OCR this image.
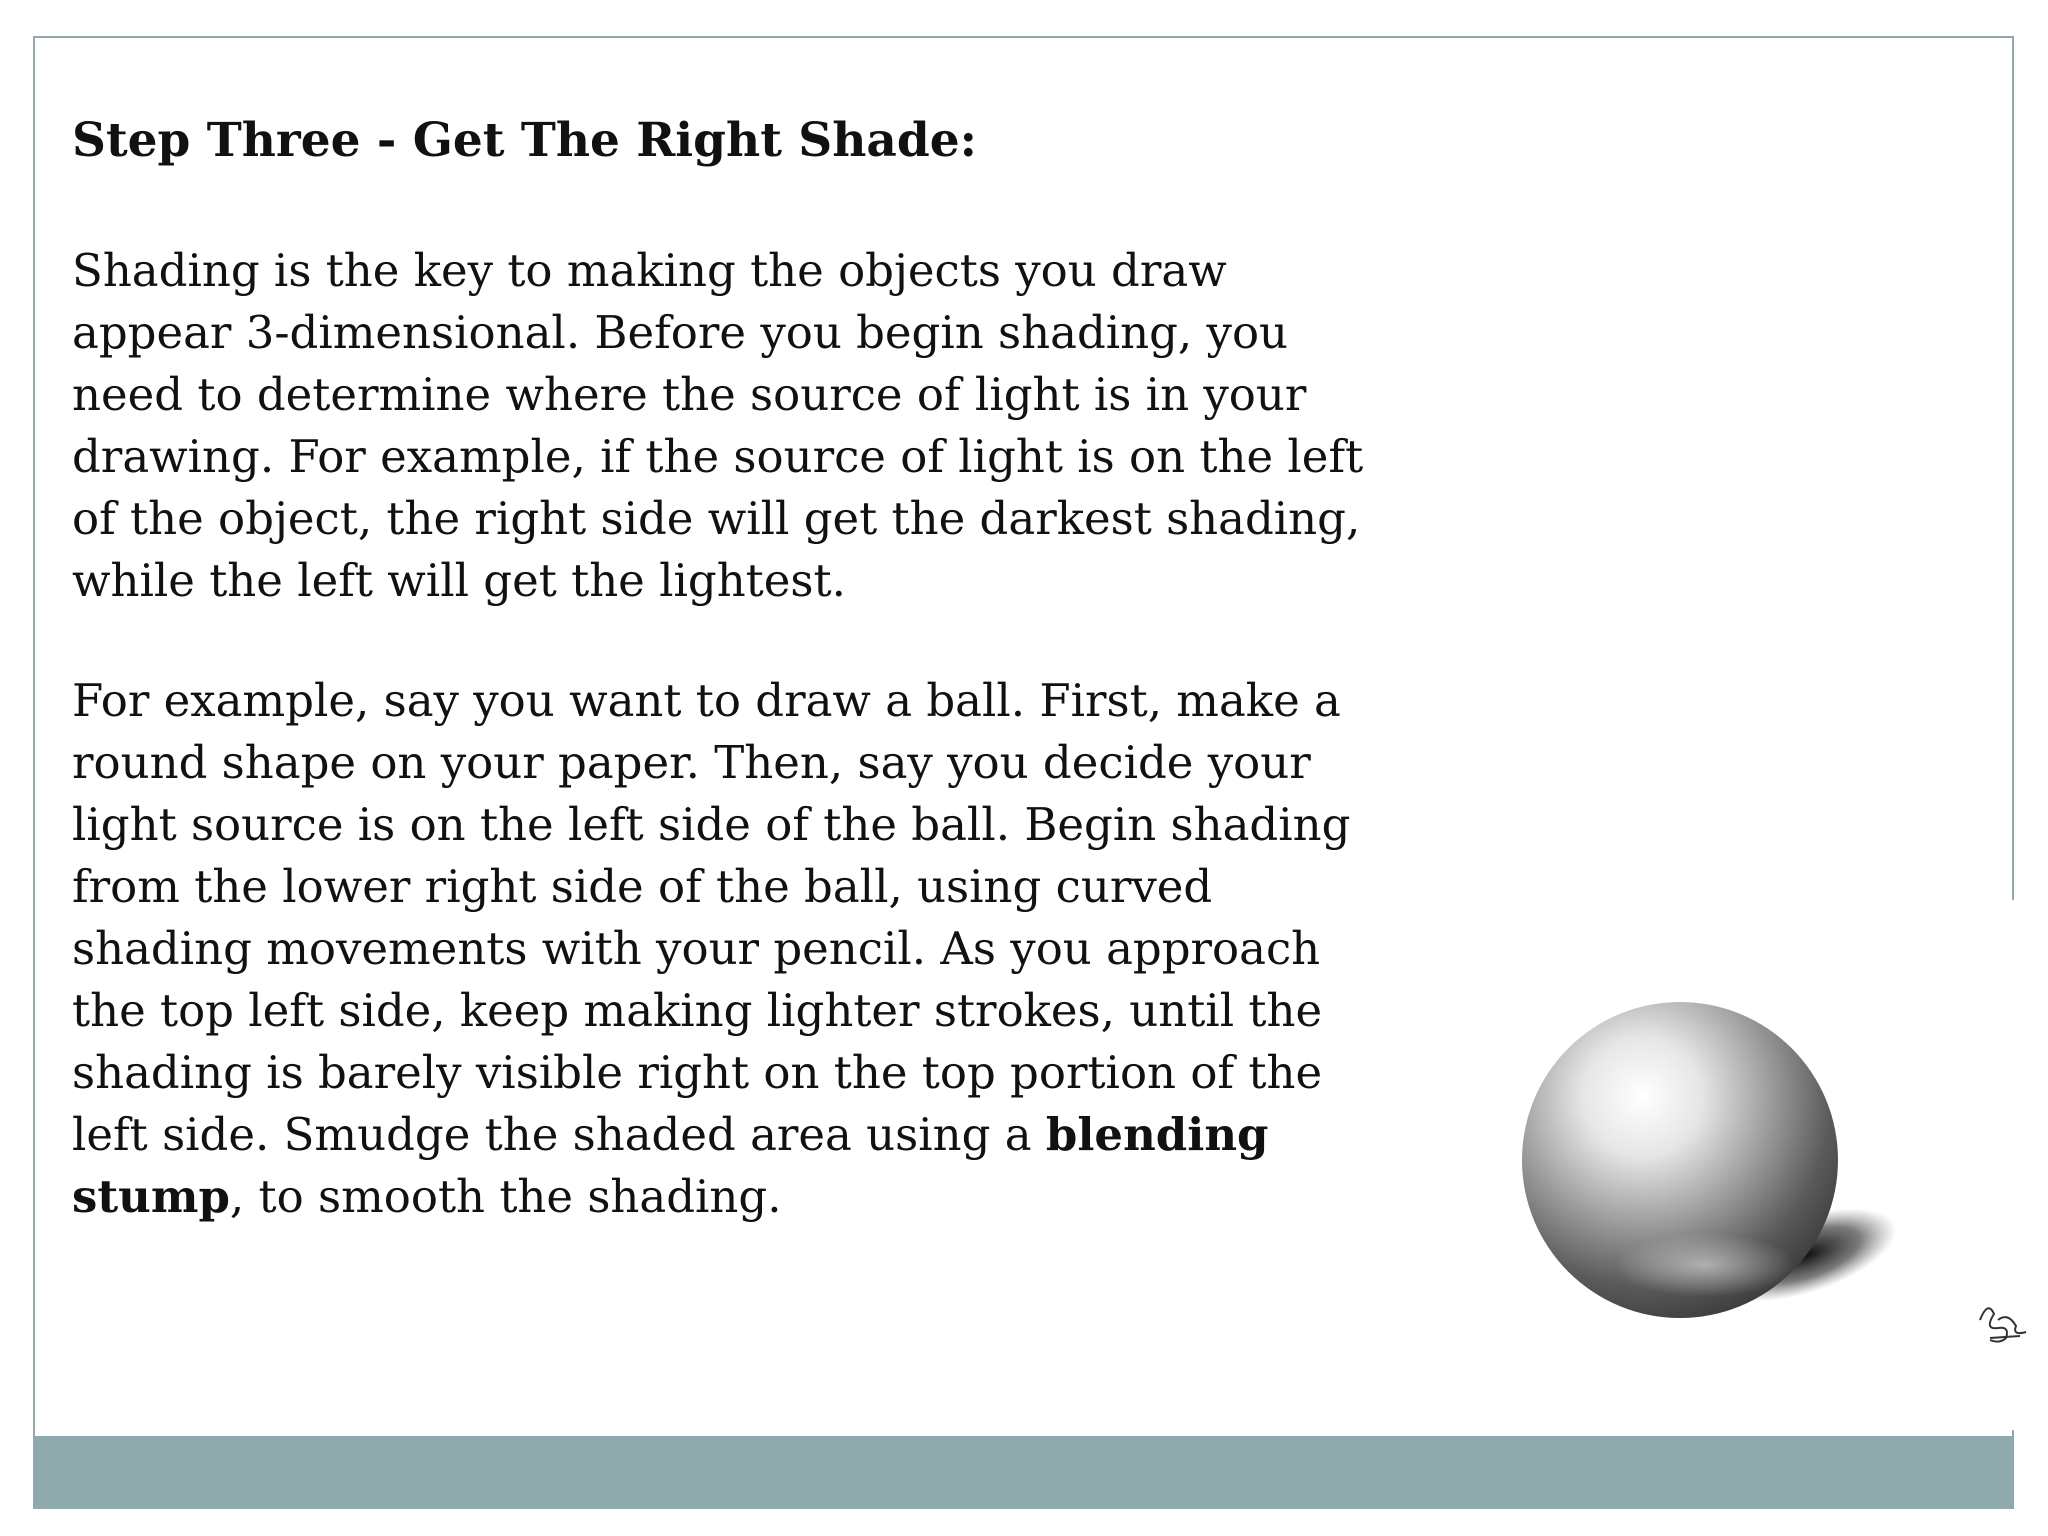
Step Three - Get The Right Shade:

Shading is the key to making the objects you draw
appear 3-dimensional. Before you begin shading, you
need to determine where the source of light is in your
drawing. For example, if the source of light is on the left
of the object, the right side will get the darkest shading,
while the left will get the lightest.

For example, say you want to draw a ball. First, make a
round shape on your paper. Then, say you decide your
light source is on the left side of the ball. Begin shading
from the lower right side of the ball, using curved
shading movements with your pencil. As you approach
the top left side, keep making lighter strokes, until the
shading is barely visible right on the top portion of the
left side. Smudge the shaded area using a blending
stump, to smooth the shading.
